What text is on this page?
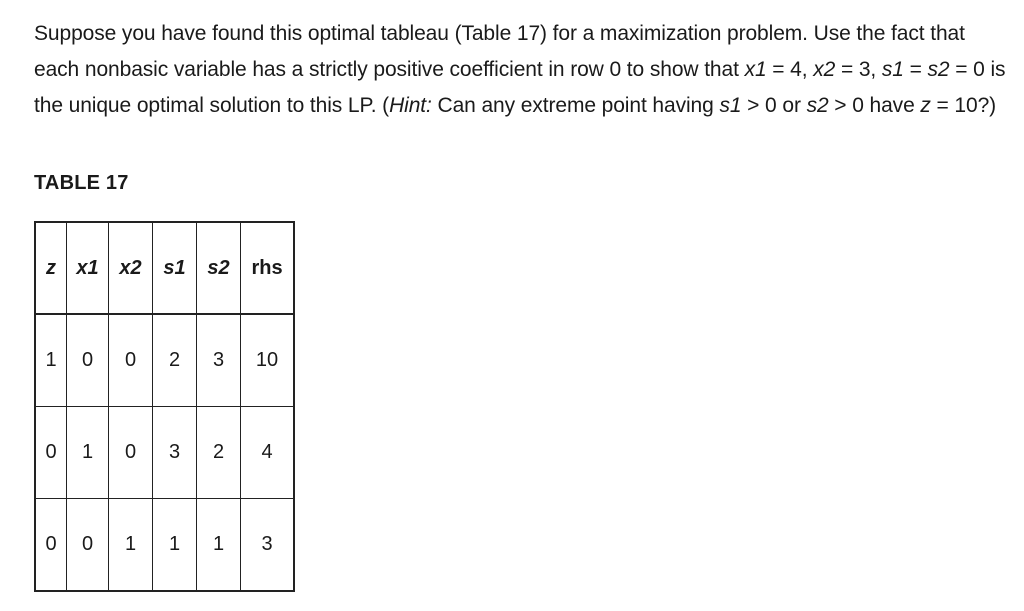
Suppose you have found this optimal tableau (Table 17) for a maximization problem. Use the fact that each nonbasic variable has a strictly positive coefficient in row 0 to show that x1 = 4, x2 = 3, s1 = s2 = 0 is the unique optimal solution to this LP. (Hint: Can any extreme point having s1 > 0 or s2 > 0 have z = 10?)
TABLE 17
z	x1	x2	s1	s2	rhs
1	0	0	2	3	10
0	1	0	3	2	4
0	0	1	1	1	3
